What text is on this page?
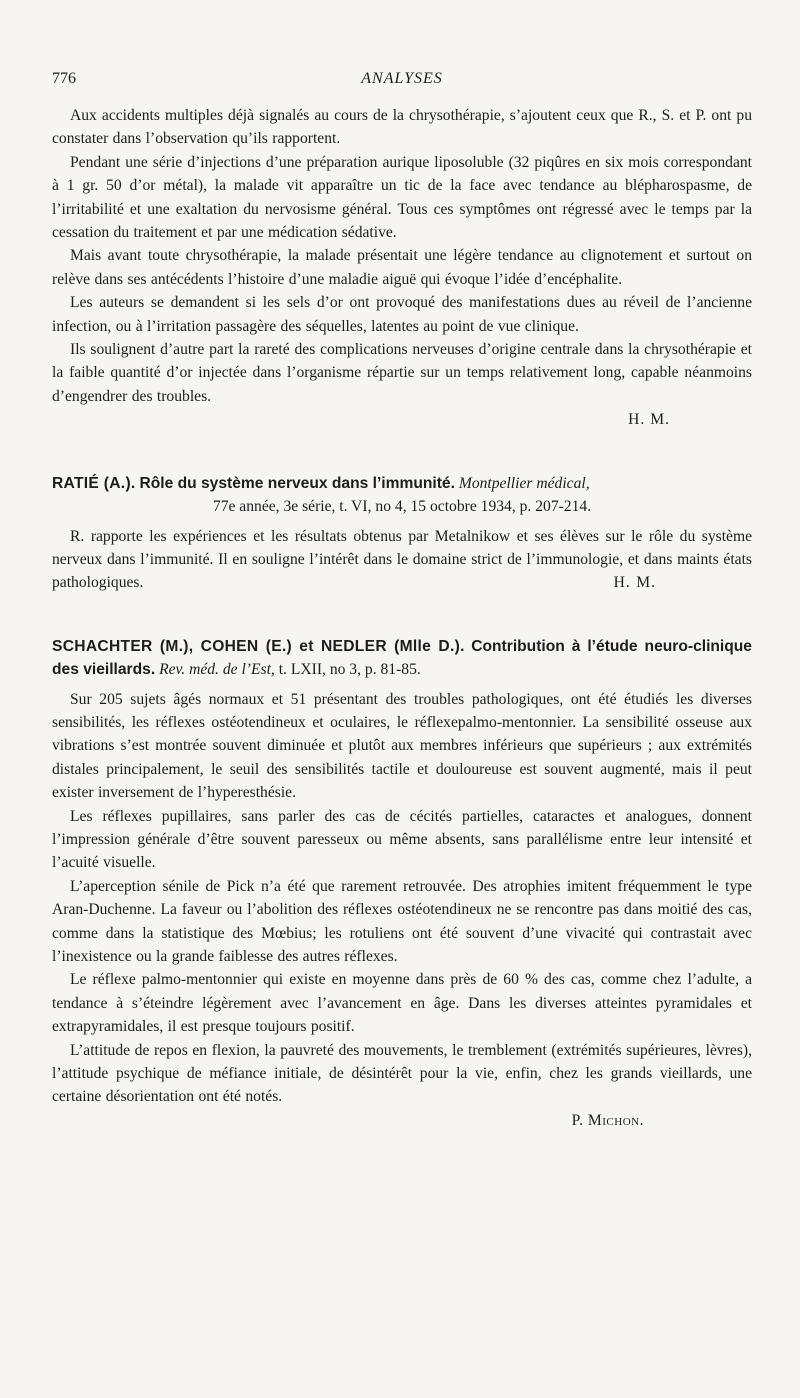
776	ANALYSES

Aux accidents multiples déjà signalés au cours de la chrysothérapie, s’ajoutent ceux que R., S. et P. ont pu constater dans l’observation qu’ils rapportent.

Pendant une série d’injections d’une préparation aurique liposoluble (32 piqûres en six mois correspondant à 1 gr. 50 d’or métal), la malade vit apparaître un tic de la face avec tendance au blépharospasme, de l’irritabilité et une exaltation du nervosisme général. Tous ces symptômes ont régressé avec le temps par la cessation du traitement et par une médication sédative.

Mais avant toute chrysothérapie, la malade présentait une légère tendance au clignotement et surtout on relève dans ses antécédents l’histoire d’une maladie aiguë qui évoque l’idée d’encéphalite.

Les auteurs se demandent si les sels d’or ont provoqué des manifestations dues au réveil de l’ancienne infection, ou à l’irritation passagère des séquelles, latentes au point de vue clinique.

Ils soulignent d’autre part la rareté des complications nerveuses d’origine centrale dans la chrysothérapie et la faible quantité d’or injectée dans l’organisme répartie sur un temps relativement long, capable néanmoins d’engendrer des troubles.

H. M.
RATIÉ (A.). Rôle du système nerveux dans l’immunité. Montpellier médical,
77e année, 3e série, t. VI, no 4, 15 octobre 1934, p. 207-214.

R. rapporte les expériences et les résultats obtenus par Metalnikow et ses élèves sur le rôle du système nerveux dans l’immunité. Il en souligne l’intérêt dans le domaine strict de l’immunologie, et dans maints états pathologiques.	H. M.

SCHACHTER (M.), COHEN (E.) et NEDLER (Mlle D.). Contribution à l’étude neuro-clinique des vieillards. Rev. méd. de l’Est, t. LXII, no 3, p. 81-85.

Sur 205 sujets âgés normaux et 51 présentant des troubles pathologiques, ont été étudiés les diverses sensibilités, les réflexes ostéotendineux et oculaires, le réflexepalmo-mentonnier. La sensibilité osseuse aux vibrations s’est montrée souvent diminuée et plutôt aux membres inférieurs que supérieurs ; aux extrémités distales principalement, le seuil des sensibilités tactile et douloureuse est souvent augmenté, mais il peut exister inversement de l’hyperesthésie.

Les réflexes pupillaires, sans parler des cas de cécités partielles, cataractes et analogues, donnent l’impression générale d’être souvent paresseux ou même absents, sans parallélisme entre leur intensité et l’acuité visuelle.

L’aperception sénile de Pick n’a été que rarement retrouvée. Des atrophies imitent fréquemment le type Aran-Duchenne. La faveur ou l’abolition des réflexes ostéotendineux ne se rencontre pas dans moitié des cas, comme dans la statistique des Mœbius; les rotuliens ont été souvent d’une vivacité qui contrastait avec l’inexistence ou la grande faiblesse des autres réflexes.

Le réflexe palmo-mentonnier qui existe en moyenne dans près de 60 % des cas, comme chez l’adulte, a tendance à s’éteindre légèrement avec l’avancement en âge. Dans les diverses atteintes pyramidales et extrapyramidales, il est presque toujours positif.

L’attitude de repos en flexion, la pauvreté des mouvements, le tremblement (extrémités supérieures, lèvres), l’attitude psychique de méfiance initiale, de désintérêt pour la vie, enfin, chez les grands vieillards, une certaine désorientation ont été notés.

P. Michon.
